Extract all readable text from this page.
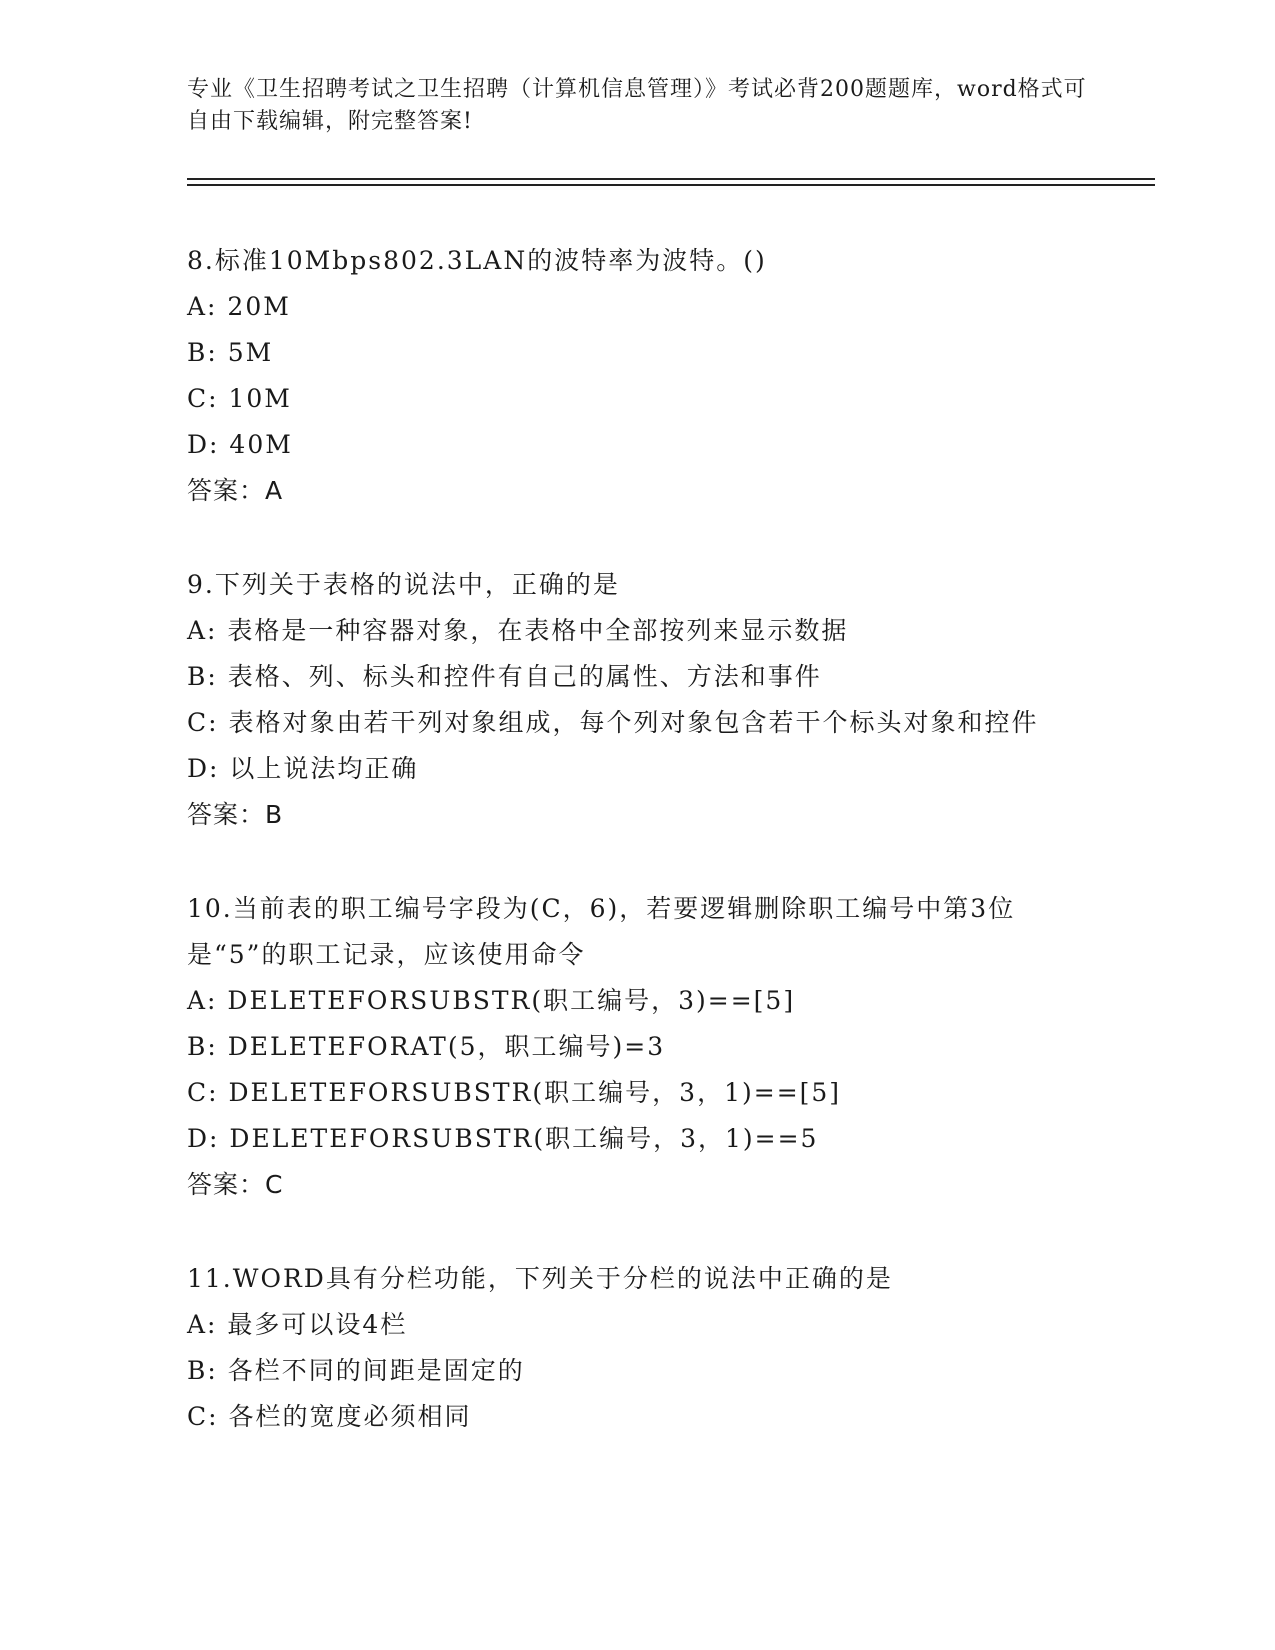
专业《卫生招聘考试之卫生招聘（计算机信息管理）》考试必背200题题库，word格式可自由下载编辑，附完整答案!
8.标准10Mbps802.3LAN的波特率为波特。()
A: 20M
B: 5M
C: 10M
D: 40M
答案：A
9.下列关于表格的说法中，正确的是
A: 表格是一种容器对象，在表格中全部按列来显示数据
B: 表格、列、标头和控件有自己的属性、方法和事件
C: 表格对象由若干列对象组成，每个列对象包含若干个标头对象和控件
D: 以上说法均正确
答案：B
10.当前表的职工编号字段为(C，6)，若要逻辑删除职工编号中第3位是“5”的职工记录，应该使用命令
A: DELETEFORSUBSTR(职工编号，3)==[5]
B: DELETEFORAT(5，职工编号)=3
C: DELETEFORSUBSTR(职工编号，3，1)==[5]
D: DELETEFORSUBSTR(职工编号，3，1)==5
答案：C
11.WORD具有分栏功能，下列关于分栏的说法中正确的是
A: 最多可以设4栏
B: 各栏不同的间距是固定的
C: 各栏的宽度必须相同
